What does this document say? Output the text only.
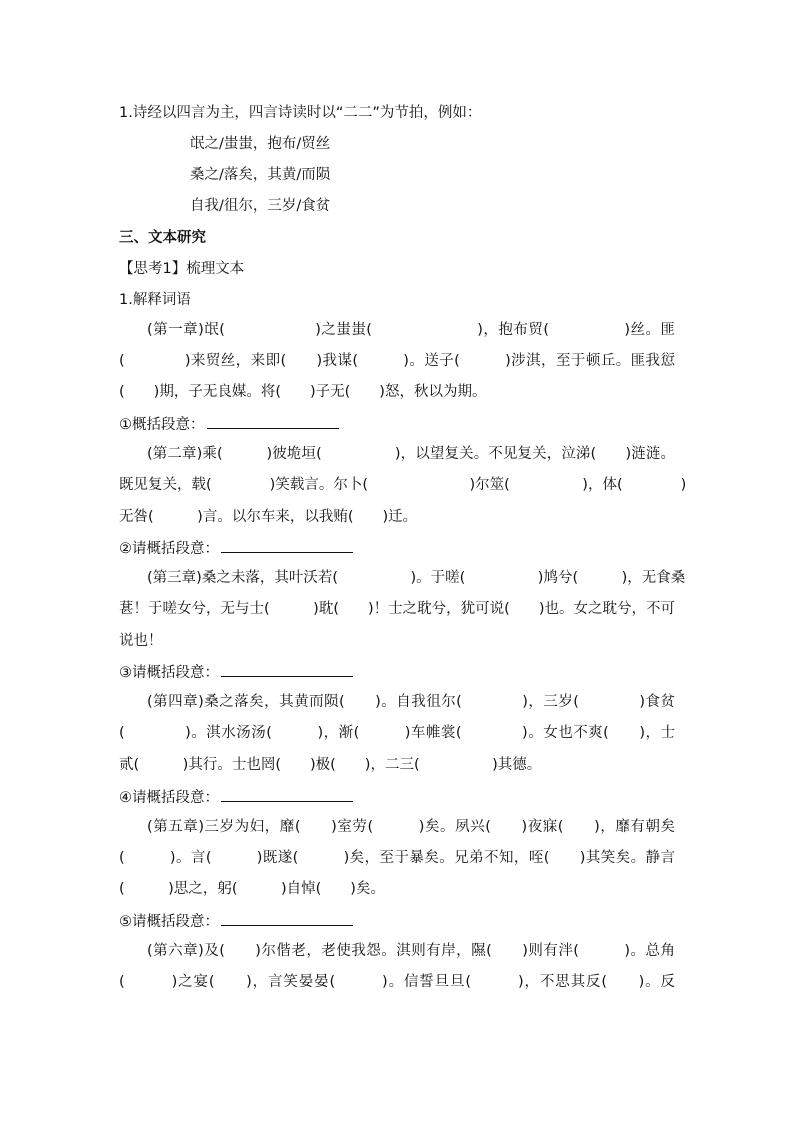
1.诗经以四言为主，四言诗读时以“二二”为节拍，例如：
氓之/蚩蚩，抱布/贸丝
桑之/落矣，其黄/而陨
自我/徂尔，三岁/食贫
三、文本研究
【思考1】梳理文本
1.解释词语
(第一章)氓(　　　　　　)之蚩蚩(　　　　　　　)，抱布贸(　　　　　)丝。匪
(　　　　)来贸丝，来即(　　)我谋(　　　)。送子(　　　)涉淇，至于顿丘。匪我愆
(　　)期，子无良媒。将(　　)子无(　　)怒，秋以为期。
①概括段意：
(第二章)乘(　　　)彼垝垣(　　　　　)，以望复关。不见复关，泣涕(　　)涟涟。
既见复关，载(　　　　)笑载言。尔卜(　　　　　　　)尔筮(　　　　　)，体(　　　　)
无咎(　　　)言。以尔车来，以我贿(　　)迁。
②请概括段意：
(第三章)桑之未落，其叶沃若(　　　　　)。于嗟(　　　　　)鸠兮(　　　)，无食桑
葚！于嗟女兮，无与士(　　　)耽(　　)！士之耽兮，犹可说(　　)也。女之耽兮，不可
说也！
③请概括段意：
(第四章)桑之落矣，其黄而陨(　　)。自我徂尔(　　　　)，三岁(　　　　)食贫
(　　　　)。淇水汤汤(　　　)，渐(　　　)车帷裳(　　　　)。女也不爽(　　)，士
贰(　　　)其行。士也罔(　　)极(　　)，二三(　　　　　)其德。
④请概括段意：
(第五章)三岁为妇，靡(　　)室劳(　　　)矣。夙兴(　　)夜寐(　　)，靡有朝矣
(　　　)。言(　　　)既遂(　　　)矣，至于暴矣。兄弟不知，咥(　　)其笑矣。静言
(　　　)思之，躬(　　　)自悼(　　)矣。
⑤请概括段意：
(第六章)及(　　)尔偕老，老使我怨。淇则有岸，隰(　　)则有泮(　　　)。总角
(　　　)之宴(　　)，言笑晏晏(　　　)。信誓旦旦(　　　)，不思其反(　　)。反
